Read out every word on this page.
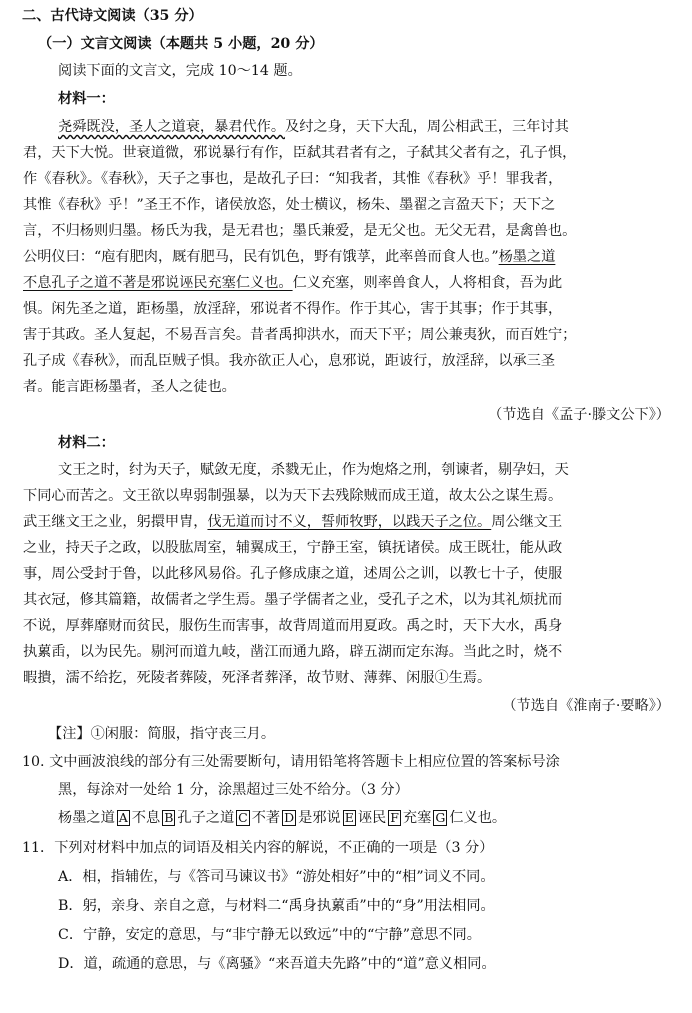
二、古代诗文阅读（35 分）
（一）文言文阅读（本题共 5 小题，20 分）
阅读下面的文言文，完成 10～14 题。
材料一：
尧舜既没，圣人之道衰，暴君代作。及纣之身，天下大乱，周公相武王，三年讨其
君，天下大悦。世衰道微，邪说暴行有作，臣弑其君者有之，子弑其父者有之，孔子惧，
作《春秋》。《春秋》，天子之事也，是故孔子曰：“知我者，其惟《春秋》乎！罪我者，
其惟《春秋》乎！”圣王不作，诸侯放恣，处士横议，杨朱、墨翟之言盈天下；天下之
言，不归杨则归墨。杨氏为我，是无君也；墨氏兼爱，是无父也。无父无君，是禽兽也。
公明仪曰：“庖有肥肉，厩有肥马，民有饥色，野有饿莩，此率兽而食人也。”杨墨之道
不息孔子之道不著是邪说诬民充塞仁义也。仁义充塞，则率兽食人，人将相食，吾为此
惧。闲先圣之道，距杨墨，放淫辞，邪说者不得作。作于其心，害于其事；作于其事，
害于其政。圣人复起，不易吾言矣。昔者禹抑洪水，而天下平；周公兼夷狄，而百姓宁；
孔子成《春秋》，而乱臣贼子惧。我亦欲正人心，息邪说，距诐行，放淫辞，以承三圣
者。能言距杨墨者，圣人之徒也。
（节选自《孟子·滕文公下》）
材料二：
文王之时，纣为天子，赋敛无度，杀戮无止，作为炮烙之刑，刳谏者，剔孕妇，天
下同心而苦之。文王欲以卑弱制强暴，以为天下去残除贼而成王道，故太公之谋生焉。
武王继文王之业，躬擐甲胄，伐无道而讨不义，誓师牧野，以践天子之位。周公继文王
之业，持天子之政，以股肱周室，辅翼成王，宁静王室，镇抚诸侯。成王既壮，能从政
事，周公受封于鲁，以此移风易俗。孔子修成康之道，述周公之训，以教七十子，使服
其衣冠，修其篇籍，故儒者之学生焉。墨子学儒者之业，受孔子之术，以为其礼烦扰而
不说，厚葬靡财而贫民，服伤生而害事，故背周道而用夏政。禹之时，天下大水，禹身
执蔂臿，以为民先。剔河而道九岐，凿江而通九路，辟五湖而定东海。当此之时，烧不
暇撌，濡不给扢，死陵者葬陵，死泽者葬泽，故节财、薄葬、闲服①生焉。
（节选自《淮南子·要略》）
【注】①闲服：简服，指守丧三月。
10. 文中画波浪线的部分有三处需要断句，请用铅笔将答题卡上相应位置的答案标号涂
黑，每涂对一处给 1 分，涂黑超过三处不给分。（3 分）
杨墨之道 A 不息 B 孔子之道 C 不著 D 是邪说 E 诬民 F 充塞 G 仁义也。
11．下列对材料中加点的词语及相关内容的解说，不正确的一项是（3 分）
A．相，指辅佐，与《答司马谏议书》“游处相好”中的“相”词义不同。
B．躬，亲身、亲自之意，与材料二“禹身执蔂臿”中的“身”用法相同。
C．宁静，安定的意思，与“非宁静无以致远”中的“宁静”意思不同。
D．道，疏通的意思，与《离骚》“来吾道夫先路”中的“道”意义相同。
